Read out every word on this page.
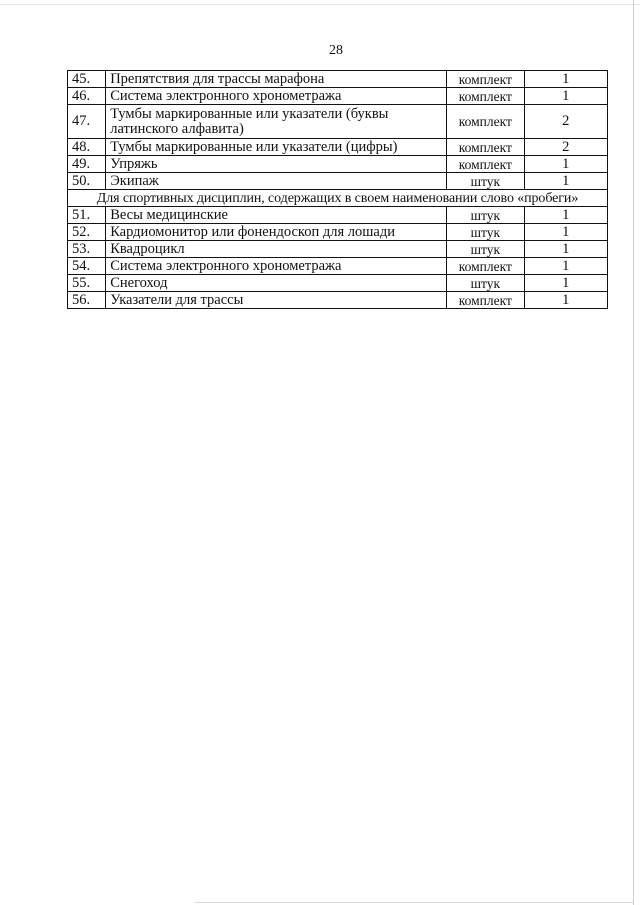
28
45.	Препятствия для трассы марафона	комплект	1
46.	Система электронного хронометража	комплект	1
47.	Тумбы маркированные или указатели (буквы латинского алфавита)	комплект	2
48.	Тумбы маркированные или указатели (цифры)	комплект	2
49.	Упряжь	комплект	1
50.	Экипаж	штук	1
Для спортивных дисциплин, содержащих в своем наименовании слово «пробеги»			
51.	Весы медицинские	штук	1
52.	Кардиомонитор или фонендоскоп для лошади	штук	1
53.	Квадроцикл	штук	1
54.	Система электронного хронометража	комплект	1
55.	Снегоход	штук	1
56.	Указатели для трассы	комплект	1
